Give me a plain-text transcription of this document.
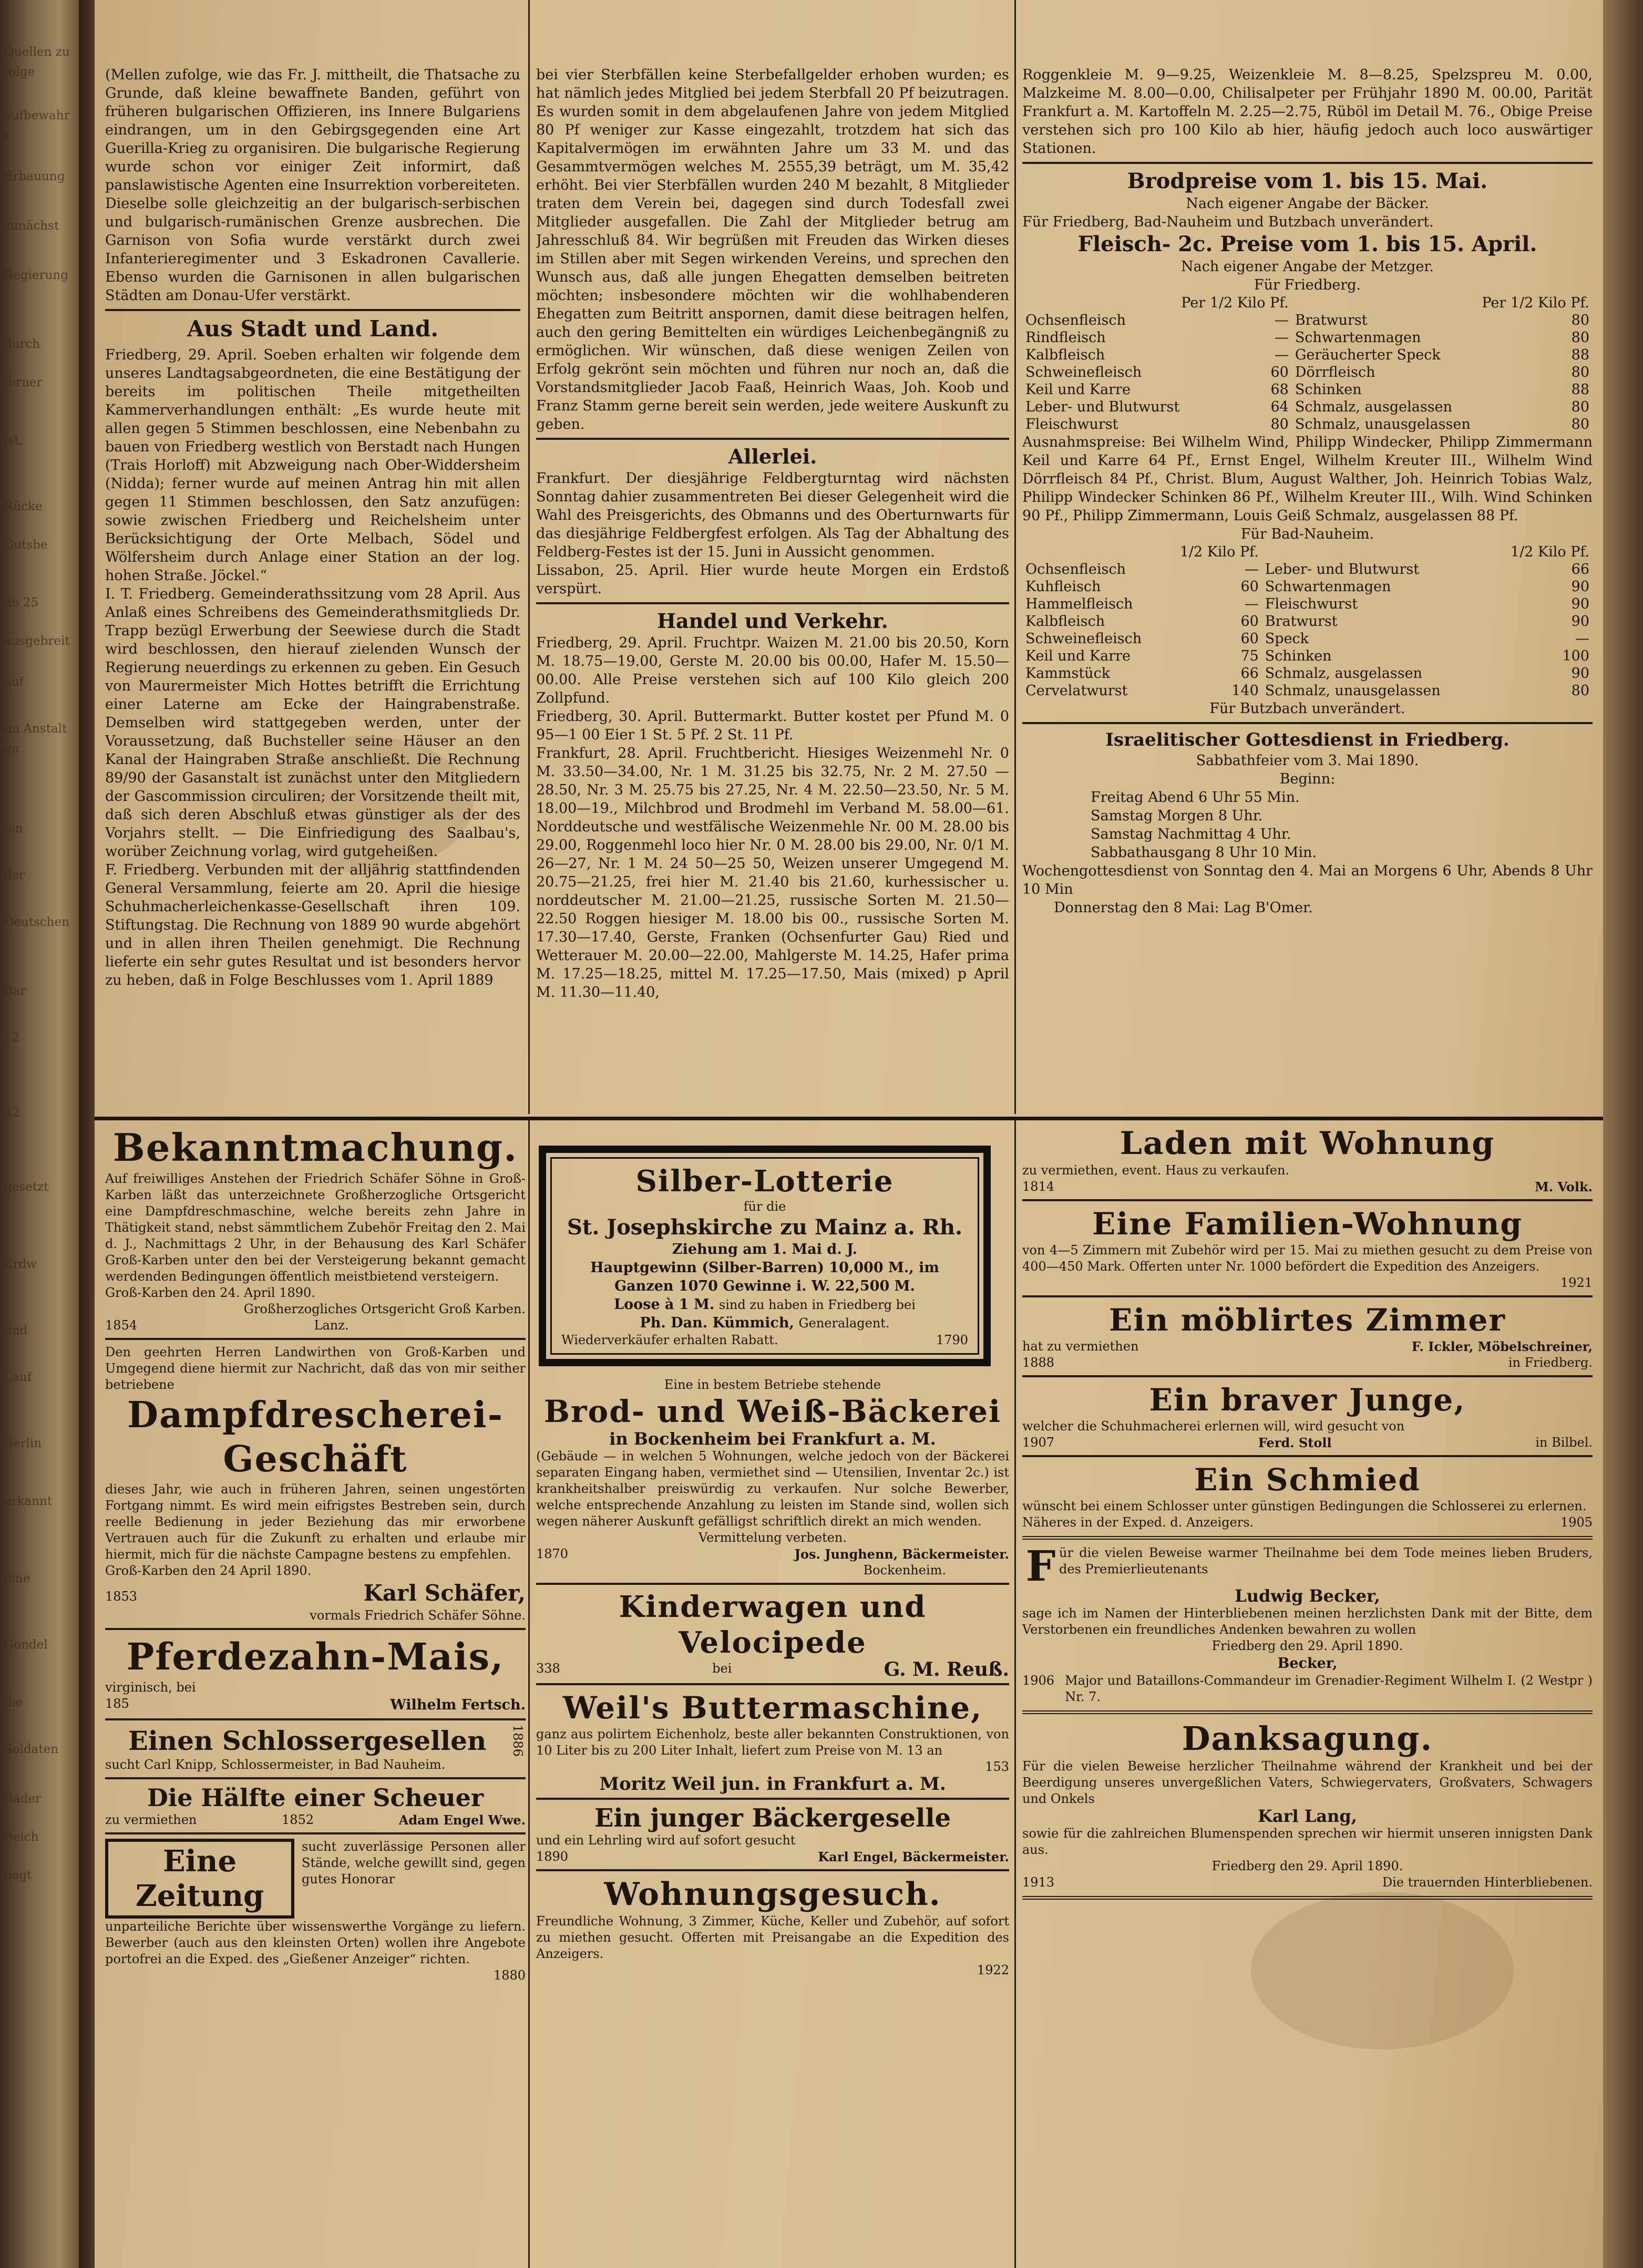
(Mellen zufolge, wie das Fr. J. mittheilt, die Thatsache zu Grunde, daß kleine bewaffnete Banden, geführt von früheren bulgarischen Offizieren, ins Innere Bulgariens eindrangen, um in den Gebirgsgegenden eine Art Guerilla-Krieg zu organisiren. Die bulgarische Regierung wurde schon vor einiger Zeit informirt, daß panslawistische Agenten eine Insurrektion vorbereiteten. Dieselbe solle gleichzeitig an der bulgarisch-serbischen und bulgarisch-rumänischen Grenze ausbrechen. Die Garnison von Sofia wurde verstärkt durch zwei Infanterieregimenter und 3 Eskadronen Cavallerie. Ebenso wurden die Garnisonen in allen bulgarischen Städten am Donau-Ufer verstärkt.

Aus Stadt und Land.

Friedberg, 29. April. Soeben erhalten wir folgende dem unseres Landtagsabgeordneten, die eine Bestätigung der bereits im politischen Theile mitgetheilten Kammerverhandlungen enthält: „Es wurde heute mit allen gegen 5 Stimmen beschlossen, eine Nebenbahn zu bauen von Friedberg westlich von Berstadt nach Hungen (Trais Horloff) mit Abzweigung nach Ober-Widdersheim (Nidda); ferner wurde auf meinen Antrag hin mit allen gegen 11 Stimmen beschlossen, den Satz anzufügen: sowie zwischen Friedberg und Reichelsheim unter Berücksichtigung der Orte Melbach, Södel und Wölfersheim durch Anlage einer Station an der log. hohen Straße. Jöckel.“

I. T. Friedberg. Gemeinderathssitzung vom 28 April. Aus Anlaß eines Schreibens des Gemeinderathsmitglieds Dr. Trapp bezügl Erwerbung der Seewiese durch die Stadt wird beschlossen, den hierauf zielenden Wunsch der Regierung neuerdings zu erkennen zu geben. Ein Gesuch von Maurermeister Mich Hottes betrifft die Errichtung einer Laterne am Ecke der Haingrabenstraße. Demselben wird stattgegeben werden, unter der Voraussetzung, daß Buchsteller seine Häuser an den Kanal der Haingraben Straße anschließt. Die Rechnung 89/90 der Gasanstalt ist zunächst unter den Mitgliedern der Gascommission circuliren; der Vorsitzende theilt mit, daß sich deren Abschluß etwas günstiger als der des Vorjahrs stellt. — Die Einfriedigung des Saalbau's, worüber Zeichnung vorlag, wird gutgeheißen.

F. Friedberg. Verbunden mit der alljährig stattfindenden General Versammlung, feierte am 20. April die hiesige Schuhmacherleichenkasse-Gesellschaft ihren 109. Stiftungstag. Die Rechnung von 1889 90 wurde abgehört und in allen ihren Theilen genehmigt. Die Rechnung lieferte ein sehr gutes Resultat und ist besonders hervor zu heben, daß in Folge Beschlusses vom 1. April 1889

bei vier Sterbfällen keine Sterbefallgelder erhoben wurden; es hat nämlich jedes Mitglied bei jedem Sterbfall 20 Pf beizutragen. Es wurden somit in dem abgelaufenen Jahre von jedem Mitglied 80 Pf weniger zur Kasse eingezahlt, trotzdem hat sich das Kapitalvermögen im erwähnten Jahre um 33 M. und das Gesammtvermögen welches M. 2555,39 beträgt, um M. 35,42 erhöht. Bei vier Sterbfällen wurden 240 M bezahlt, 8 Mitglieder traten dem Verein bei, dagegen sind durch Todesfall zwei Mitglieder ausgefallen. Die Zahl der Mitglieder betrug am Jahresschluß 84. Wir begrüßen mit Freuden das Wirken dieses im Stillen aber mit Segen wirkenden Vereins, und sprechen den Wunsch aus, daß alle jungen Ehegatten demselben beitreten möchten; insbesondere möchten wir die wohlhabenderen Ehegatten zum Beitritt anspornen, damit diese beitragen helfen, auch den gering Bemittelten ein würdiges Leichenbegängniß zu ermöglichen. Wir wünschen, daß diese wenigen Zeilen von Erfolg gekrönt sein möchten und führen nur noch an, daß die Vorstandsmitglieder Jacob Faaß, Heinrich Waas, Joh. Koob und Franz Stamm gerne bereit sein werden, jede weitere Auskunft zu geben.

Allerlei.

Frankfurt. Der diesjährige Feldbergturntag wird nächsten Sonntag dahier zusammentreten Bei dieser Gelegenheit wird die Wahl des Preisgerichts, des Obmanns und des Oberturnwarts für das diesjährige Feldbergfest erfolgen. Als Tag der Abhaltung des Feldberg-Festes ist der 15. Juni in Aussicht genommen.

Lissabon, 25. April. Hier wurde heute Morgen ein Erdstoß verspürt.

Handel und Verkehr.

Friedberg, 29. April. Fruchtpr. Waizen M. 21.00 bis 20.50, Korn M. 18.75—19.00, Gerste M. 20.00 bis 00.00, Hafer M. 15.50—00.00. Alle Preise verstehen sich auf 100 Kilo gleich 200 Zollpfund.

Friedberg, 30. April. Buttermarkt. Butter kostet per Pfund M. 0 95—1 00 Eier 1 St. 5 Pf. 2 St. 11 Pf.

Frankfurt, 28. April. Fruchtbericht. Hiesiges Weizenmehl Nr. 0 M. 33.50—34.00, Nr. 1 M. 31.25 bis 32.75, Nr. 2 M. 27.50 — 28.50, Nr. 3 M. 25.75 bis 27.25, Nr. 4 M. 22.50—23.50, Nr. 5 M. 18.00—19., Milchbrod und Brodmehl im Verband M. 58.00—61. Norddeutsche und westfälische Weizenmehle Nr. 00 M. 28.00 bis 29.00, Roggenmehl loco hier Nr. 0 M. 28.00 bis 29.00, Nr. 0/1 M. 26—27, Nr. 1 M. 24 50—25 50, Weizen unserer Umgegend M. 20.75—21.25, frei hier M. 21.40 bis 21.60, kurhessischer u. norddeutscher M. 21.00—21.25, russische Sorten M. 21.50—22.50 Roggen hiesiger M. 18.00 bis 00., russische Sorten M. 17.30—17.40, Gerste, Franken (Ochsenfurter Gau) Ried und Wetterauer M. 20.00—22.00, Mahlgerste M. 14.25, Hafer prima M. 17.25—18.25, mittel M. 17.25—17.50, Mais (mixed) p April M. 11.30—11.40,

Roggenkleie M. 9—9.25, Weizenkleie M. 8—8.25, Spelzspreu M. 0.00, Malzkeime M. 8.00—0.00, Chilisalpeter per Frühjahr 1890 M. 00.00, Parität Frankfurt a. M. Kartoffeln M. 2.25—2.75, Rüböl im Detail M. 76., Obige Preise verstehen sich pro 100 Kilo ab hier, häufig jedoch auch loco auswärtiger Stationen.

Brodpreise vom 1. bis 15. Mai.
Nach eigener Angabe der Bäcker.
Für Friedberg, Bad-Nauheim und Butzbach unverändert.
Fleisch- 2c. Preise vom 1. bis 15. April.
Nach eigener Angabe der Metzger.
Für Friedberg.
Per 1/2 Kilo Pf.		Per 1/2 Kilo Pf.	
Ochsenfleisch	—	Bratwurst	80
Rindfleisch	—	Schwartenmagen	80
Kalbfleisch	—	Geräucherter Speck	88
Schweinefleisch	60	Dörrfleisch	80
Keil und Karre	68	Schinken	88
Leber- und Blutwurst	64	Schmalz, ausgelassen	80
Fleischwurst	80	Schmalz, unausgelassen	80

Ausnahmspreise: Bei Wilhelm Wind, Philipp Windecker, Philipp Zimmermann Keil und Karre 64 Pf., Ernst Engel, Wilhelm Kreuter III., Wilhelm Wind Dörrfleisch 84 Pf., Christ. Blum, August Walther, Joh. Heinrich Tobias Walz, Philipp Windecker Schinken 86 Pf., Wilhelm Kreuter III., Wilh. Wind Schinken 90 Pf., Philipp Zimmermann, Louis Geiß Schmalz, ausgelassen 88 Pf.

Für Bad-Nauheim.
1/2 Kilo Pf.		1/2 Kilo Pf.	
Ochsenfleisch	—	Leber- und Blutwurst	66
Kuhfleisch	60	Schwartenmagen	90
Hammelfleisch	—	Fleischwurst	90
Kalbfleisch	60	Bratwurst	90
Schweinefleisch	60	Speck	—
Keil und Karre	75	Schinken	100
Kammstück	66	Schmalz, ausgelassen	90
Cervelatwurst	140	Schmalz, unausgelassen	80
Für Butzbach unverändert.
Israelitischer Gottesdienst in Friedberg.
Sabbathfeier vom 3. Mai 1890.
Beginn:
Freitag Abend 6 Uhr 55 Min.
Samstag Morgen 8 Uhr.
Samstag Nachmittag 4 Uhr.
Sabbathausgang 8 Uhr 10 Min.

Wochengottesdienst von Sonntag den 4. Mai an Morgens 6 Uhr, Abends 8 Uhr 10 Min

Donnerstag den 8 Mai: Lag B'Omer.
Bekanntmachung.

Auf freiwilliges Anstehen der Friedrich Schäfer Söhne in Groß-Karben läßt das unterzeichnete Großherzogliche Ortsgericht eine Dampfdreschmaschine, welche bereits zehn Jahre in Thätigkeit stand, nebst sämmtlichem Zubehör Freitag den 2. Mai d. J., Nachmittags 2 Uhr, in der Behausung des Karl Schäfer Groß-Karben unter den bei der Versteigerung bekannt gemacht werdenden Bedingungen öffentlich meistbietend versteigern.

Groß-Karben den 24. April 1890.
Großherzogliches Ortsgericht Groß Karben.
1854	Lanz.

Den geehrten Herren Landwirthen von Groß-Karben und Umgegend diene hiermit zur Nachricht, daß das von mir seither betriebene

Dampfdrescherei-Geschäft

dieses Jahr, wie auch in früheren Jahren, seinen ungestörten Fortgang nimmt. Es wird mein eifrigstes Bestreben sein, durch reelle Bedienung in jeder Beziehung das mir erworbene Vertrauen auch für die Zukunft zu erhalten und erlaube mir hiermit, mich für die nächste Campagne bestens zu empfehlen.

Groß-Karben den 24 April 1890.
1853	Karl Schäfer,
vormals Friedrich Schäfer Söhne.
Pferdezahn-Mais,
virginisch, bei
185	Wilhelm Fertsch.
Einen Schlossergesellen	1886
sucht Carl Knipp, Schlossermeister, in Bad Nauheim.
Die Hälfte einer Scheuer
zu vermiethen	1852	Adam Engel Wwe.
Eine Zeitung
sucht zuverlässige Personen aller Stände, welche gewillt sind, gegen gutes Honorar

unparteiliche Berichte über wissenswerthe Vorgänge zu liefern. Bewerber (auch aus den kleinsten Orten) wollen ihre Angebote portofrei an die Exped. des „Gießener Anzeiger“ richten.

1880
Silber-Lotterie
für die
St. Josephskirche zu Mainz a. Rh.
Ziehung am 1. Mai d. J.
Hauptgewinn (Silber-Barren) 10,000 M., im Ganzen 1070 Gewinne i. W. 22,500 M.
Loose à 1 M. sind zu haben in Friedberg bei
Ph. Dan. Kümmich, Generalagent.
Wiederverkäufer erhalten Rabatt.	1790
Eine in bestem Betriebe stehende
Brod- und Weiß-Bäckerei
in Bockenheim bei Frankfurt a. M.

(Gebäude — in welchen 5 Wohnungen, welche jedoch von der Bäckerei separaten Eingang haben, vermiethet sind — Utensilien, Inventar 2c.) ist krankheitshalber preiswürdig zu verkaufen. Nur solche Bewerber, welche entsprechende Anzahlung zu leisten im Stande sind, wollen sich wegen näherer Auskunft gefälligst schriftlich direkt an mich wenden.

Vermittelung verbeten.
1870	Jos. Junghenn, Bäckermeister.
Bockenheim.
Kinderwagen und Velocipede
338	bei	G. M. Reuß.
Weil's Buttermaschine,

ganz aus polirtem Eichenholz, beste aller bekannten Construktionen, von 10 Liter bis zu 200 Liter Inhalt, liefert zum Preise von M. 13 an

153
Moritz Weil jun. in Frankfurt a. M.
Ein junger Bäckergeselle
und ein Lehrling wird auf sofort gesucht
1890	Karl Engel, Bäckermeister.
Wohnungsgesuch.

Freundliche Wohnung, 3 Zimmer, Küche, Keller und Zubehör, auf sofort zu miethen gesucht. Offerten mit Preisangabe an die Expedition des Anzeigers.

1922
Laden mit Wohnung
zu vermiethen, event. Haus zu verkaufen.
1814	M. Volk.
Eine Familien-Wohnung

von 4—5 Zimmern mit Zubehör wird per 15. Mai zu miethen gesucht zu dem Preise von 400—450 Mark. Offerten unter Nr. 1000 befördert die Expedition des Anzeigers.

1921
Ein möblirtes Zimmer
hat zu vermiethen	F. Ickler, Möbelschreiner,
1888	in Friedberg.
Ein braver Junge,
welcher die Schuhmacherei erlernen will, wird gesucht von
1907	Ferd. Stoll	in Bilbel.
Ein Schmied

wünscht bei einem Schlosser unter günstigen Bedingungen die Schlosserei zu erlernen.

Näheres in der Exped. d. Anzeigers.	1905
F ür die vielen Beweise warmer Theilnahme bei dem Tode meines lieben Bruders, des Premierlieutenants

Ludwig Becker,

sage ich im Namen der Hinterbliebenen meinen herzlichsten Dank mit der Bitte, dem Verstorbenen ein freundliches Andenken bewahren zu wollen

Friedberg den 29. April 1890.
Becker,
1906 Major und Bataillons-Commandeur im Grenadier-Regiment Wilhelm I. (2 Westpr ) Nr. 7.
Danksagung.

Für die vielen Beweise herzlicher Theilnahme während der Krankheit und bei der Beerdigung unseres unvergeßlichen Vaters, Schwiegervaters, Großvaters, Schwagers und Onkels

Karl Lang,

sowie für die zahlreichen Blumenspenden sprechen wir hiermit unseren innigsten Dank aus.

Friedberg den 29. April 1890.
1913	Die trauernden Hinterbliebenen.
Quellen zufolge
aufbewahrt
Erbauung
zunächst
Regierung
durch
ferner
ist,
Rücke
Gutsbe
ab 25
ausgebreit
auf
im Anstalten
ein
der
Deutschen
Bar
12
42
gesetzt
Erdw
und
Lauf
Berlin
erkannt
eine
Gondel
die
Soldaten
Bäder
Beich
liegt
